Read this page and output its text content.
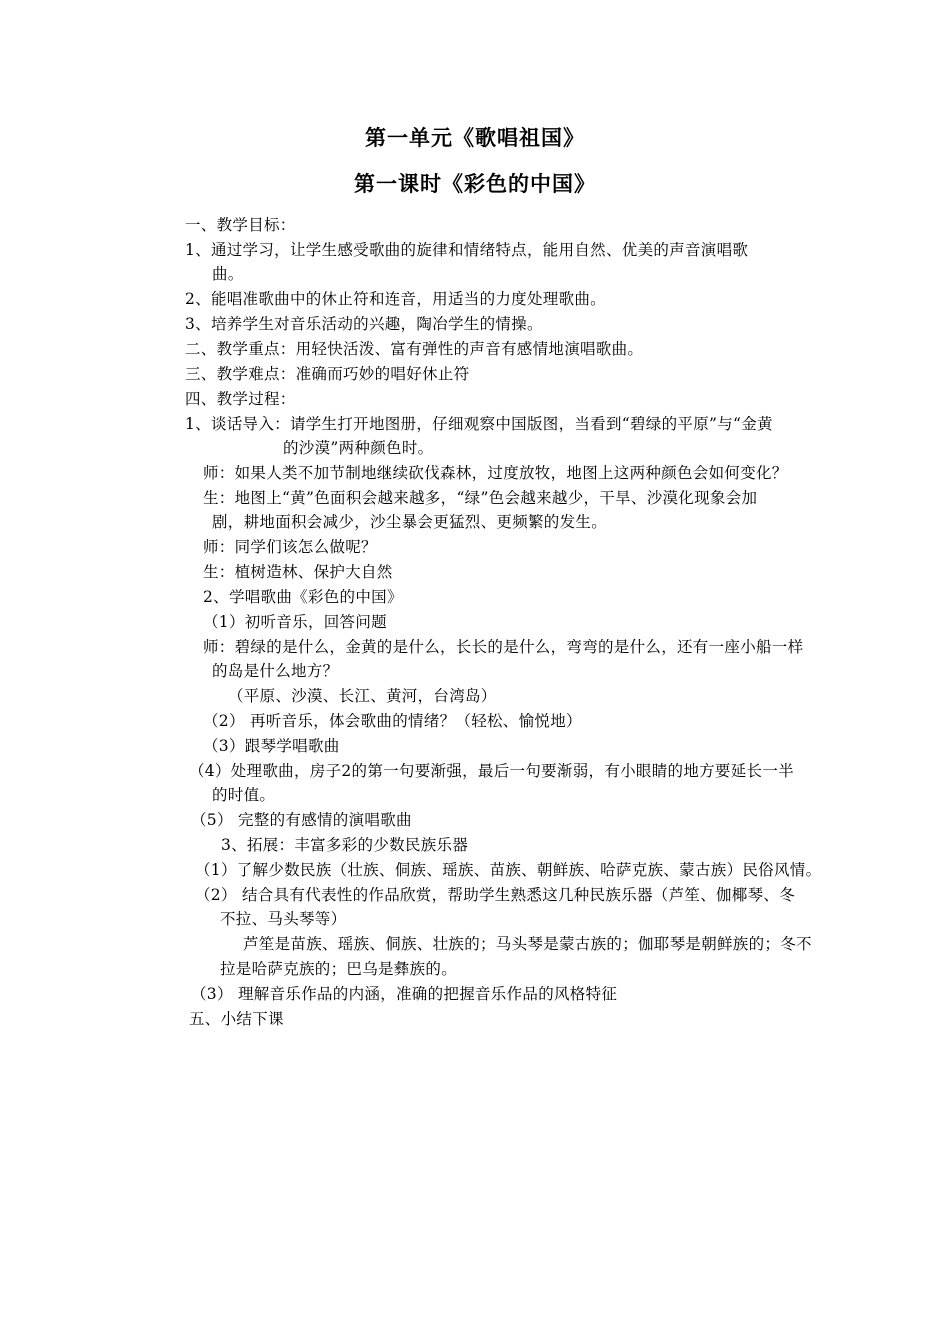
第一单元《歌唱祖国》
第一课时《彩色的中国》
一、教学目标：
1、通过学习，让学生感受歌曲的旋律和情绪特点，能用自然、优美的声音演唱歌
曲。
2、能唱准歌曲中的休止符和连音，用适当的力度处理歌曲。
3、培养学生对音乐活动的兴趣，陶冶学生的情操。
二、教学重点：用轻快活泼、富有弹性的声音有感情地演唱歌曲。
三、教学难点：准确而巧妙的唱好休止符
四、教学过程：
1、谈话导入：请学生打开地图册，仔细观察中国版图，当看到“碧绿的平原”与“金黄
的沙漠”两种颜色时。
师：如果人类不加节制地继续砍伐森林，过度放牧，地图上这两种颜色会如何变化？
生：地图上“黄”色面积会越来越多，“绿”色会越来越少，干旱、沙漠化现象会加
剧，耕地面积会减少，沙尘暴会更猛烈、更频繁的发生。
师：同学们该怎么做呢？
生：植树造林、保护大自然
2、学唱歌曲《彩色的中国》
（1）初听音乐，回答问题
师：碧绿的是什么，金黄的是什么，长长的是什么，弯弯的是什么，还有一座小船一样
的岛是什么地方？
（平原、沙漠、长江、黄河，台湾岛）
（2） 再听音乐，体会歌曲的情绪？（轻松、愉悦地）
（3）跟琴学唱歌曲
（4）处理歌曲，房子2的第一句要渐强，最后一句要渐弱，有小眼睛的地方要延长一半
的时值。
（5） 完整的有感情的演唱歌曲
3、拓展：丰富多彩的少数民族乐器
（1）了解少数民族（壮族、侗族、瑶族、苗族、朝鲜族、哈萨克族、蒙古族）民俗风情。
（2） 结合具有代表性的作品欣赏，帮助学生熟悉这几种民族乐器（芦笙、伽椰琴、冬
不拉、马头琴等）
芦笙是苗族、瑶族、侗族、壮族的；马头琴是蒙古族的；伽耶琴是朝鲜族的；冬不
拉是哈萨克族的；巴乌是彝族的。
（3） 理解音乐作品的内涵，准确的把握音乐作品的风格特征
五、小结下课
